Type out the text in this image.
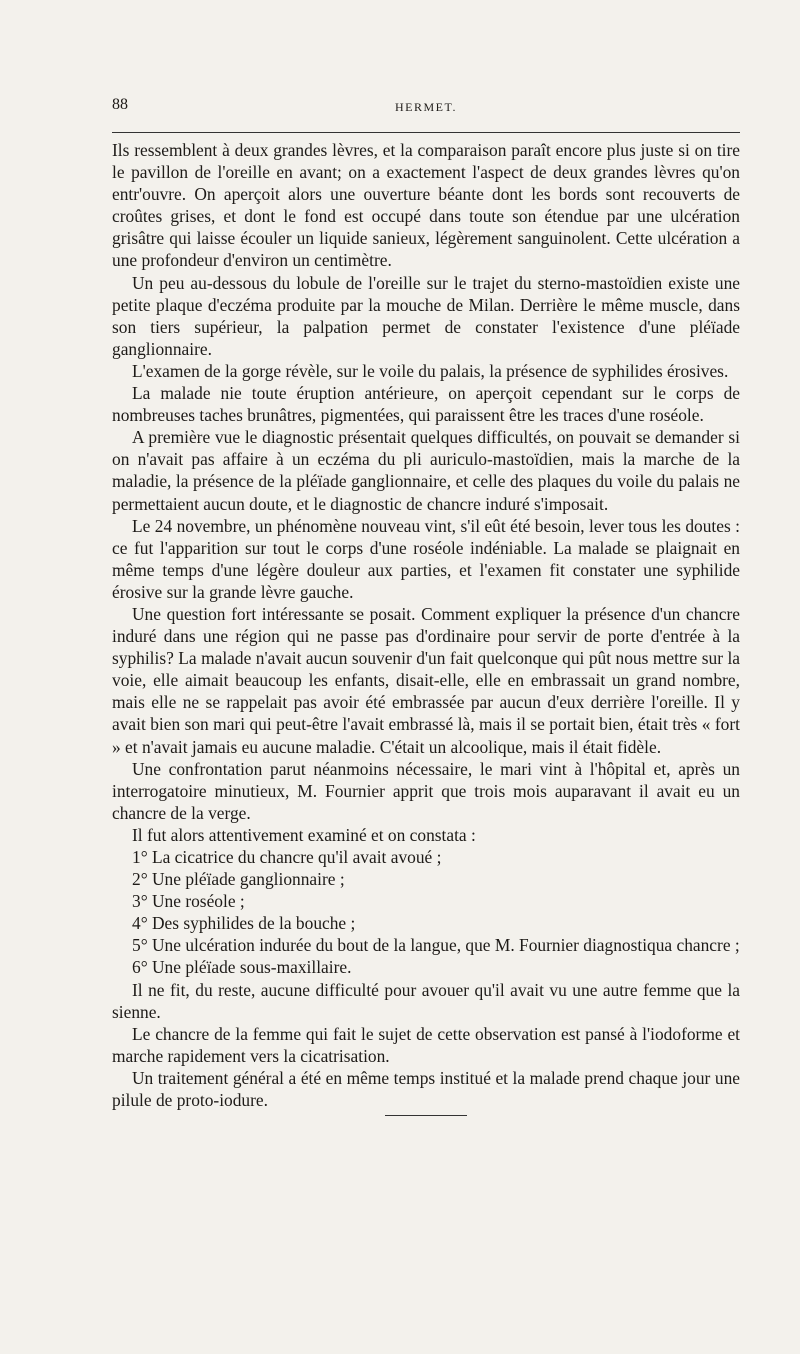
88	HERMET.

Ils ressemblent à deux grandes lèvres, et la comparaison paraît encore plus juste si on tire le pavillon de l'oreille en avant; on a exactement l'aspect de deux grandes lèvres qu'on entr'ouvre. On aperçoit alors une ouverture béante dont les bords sont recouverts de croûtes grises, et dont le fond est occupé dans toute son étendue par une ulcération grisâtre qui laisse écouler un liquide sanieux, légèrement sanguinolent. Cette ulcération a une profondeur d'environ un centimètre.

Un peu au-dessous du lobule de l'oreille sur le trajet du sterno-mastoïdien existe une petite plaque d'eczéma produite par la mouche de Milan. Derrière le même muscle, dans son tiers supérieur, la palpation permet de constater l'existence d'une pléïade ganglionnaire.

L'examen de la gorge révèle, sur le voile du palais, la présence de syphilides érosives.

La malade nie toute éruption antérieure, on aperçoit cependant sur le corps de nombreuses taches brunâtres, pigmentées, qui paraissent être les traces d'une roséole.

A première vue le diagnostic présentait quelques difficultés, on pouvait se demander si on n'avait pas affaire à un eczéma du pli auriculo-mastoïdien, mais la marche de la maladie, la présence de la pléïade ganglionnaire, et celle des plaques du voile du palais ne permettaient aucun doute, et le diagnostic de chancre induré s'imposait.

Le 24 novembre, un phénomène nouveau vint, s'il eût été besoin, lever tous les doutes : ce fut l'apparition sur tout le corps d'une roséole indéniable. La malade se plaignait en même temps d'une légère douleur aux parties, et l'examen fit constater une syphilide érosive sur la grande lèvre gauche.

Une question fort intéressante se posait. Comment expliquer la présence d'un chancre induré dans une région qui ne passe pas d'ordinaire pour servir de porte d'entrée à la syphilis? La malade n'avait aucun souvenir d'un fait quelconque qui pût nous mettre sur la voie, elle aimait beaucoup les enfants, disait-elle, elle en embrassait un grand nombre, mais elle ne se rappelait pas avoir été embrassée par aucun d'eux derrière l'oreille. Il y avait bien son mari qui peut-être l'avait embrassé là, mais il se portait bien, était très « fort » et n'avait jamais eu aucune maladie. C'était un alcoolique, mais il était fidèle.

Une confrontation parut néanmoins nécessaire, le mari vint à l'hôpital et, après un interrogatoire minutieux, M. Fournier apprit que trois mois auparavant il avait eu un chancre de la verge.

Il fut alors attentivement examiné et on constata :

1° La cicatrice du chancre qu'il avait avoué ;

2° Une pléïade ganglionnaire ;

3° Une roséole ;

4° Des syphilides de la bouche ;

5° Une ulcération indurée du bout de la langue, que M. Fournier diagnostiqua chancre ;

6° Une pléïade sous-maxillaire.

Il ne fit, du reste, aucune difficulté pour avouer qu'il avait vu une autre femme que la sienne.

Le chancre de la femme qui fait le sujet de cette observation est pansé à l'iodoforme et marche rapidement vers la cicatrisation.

Un traitement général a été en même temps institué et la malade prend chaque jour une pilule de proto-iodure.
